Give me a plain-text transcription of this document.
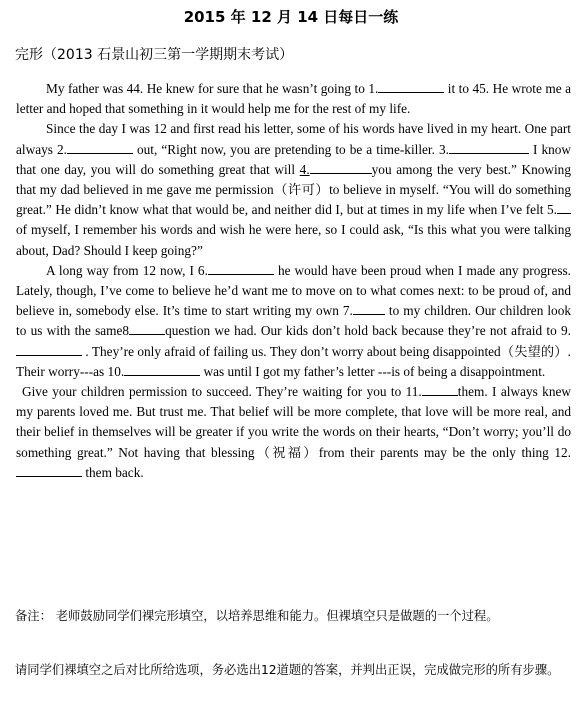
2015 年 12 月 14 日每日一练
完形（2013 石景山初三第一学期期末考试）

My father was 44. He knew for sure that he wasn’t going to 1.	it to 45. He wrote me a letter and hoped that something in it would help me for the rest of my life.

Since the day I was 12 and first read his letter, some of his words have lived in my heart. One part always 2.	out, “Right now, you are pretending to be a time-killer. 3.	I know that one day, you will do something great that will 4.	you among the very best.” Knowing that my dad believed in me gave me permission（许可）to believe in myself. “You will do something great.” He didn’t know what that would be, and neither did I, but at times in my life when I’ve felt 5. of myself, I remember his words and wish he were here, so I could ask, “Is this what you were talking about, Dad? Should I keep going?”

A long way from 12 now, I 6.	he would have been proud when I made any progress. Lately, though, I’ve come to believe he’d want me to move on to what comes next: to be proud of, and believe in, somebody else. It’s time to start writing my own 7. to my children. Our children look to us with the same8	question we had. Our kids don’t hold back because they’re not afraid to 9. . They’re only afraid of failing us. They don’t worry about being disappointed（失望的）. Their worry---as 10.	was until I got my father’s letter ---is of being a disappointment.

Give your children permission to succeed. They’re waiting for you to 11.	them. I always knew my parents loved me. But trust me. That belief will be more complete, that love will be more real, and their belief in themselves will be greater if you write the words on their hearts, “Don’t worry; you’ll do something great.” Not having that blessing（祝福）from their parents may be the only thing 12. them back.

备注： 老师鼓励同学们裸完形填空，以培养思维和能力。但裸填空只是做题的一个过程。
请同学们裸填空之后对比所给选项，务必选出12道题的答案，并判出正误，完成做完形的所有步骤。
